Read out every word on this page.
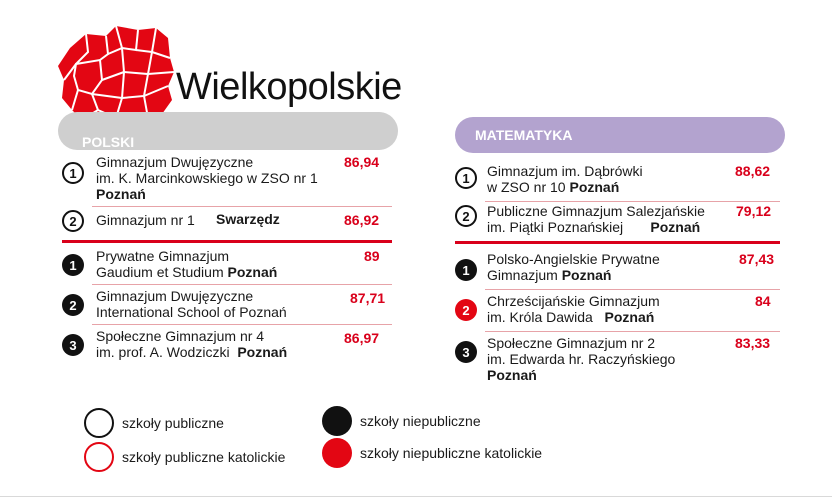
Wielkopolskie
POLSKI
1
Gimnazjum Dwujęzyczne
im. K. Marcinkowskiego w ZSO nr 1
Poznań
86,94
2 Gimnazjum nr 1	Swarzędz	86,92
1
Prywatne Gimnazjum
Gaudium et Studium Poznań
89
2
Gimnazjum Dwujęzyczne
International School of Poznań
87,71
3
Społeczne Gimnazjum nr 4
im. prof. A. Wodziczki Poznań
86,97
MATEMATYKA
1 Gimnazjum im. Dąbrówki
w ZSO nr 10 Poznań
88,62
2 Publiczne Gimnazjum Salezjańskie
im. Piątki Poznańskiej Poznań
79,12
1
Polsko-Angielskie Prywatne
Gimnazjum Poznań
87,43
2
Chrześcijańskie Gimnazjum
im. Króla Dawida Poznań
84
3
Społeczne Gimnazjum nr 2
im. Edwarda hr. Raczyńskiego
Poznań
83,33
szkoły publiczne
szkoły publiczne katolickie
szkoły niepubliczne
szkoły niepubliczne katolickie
